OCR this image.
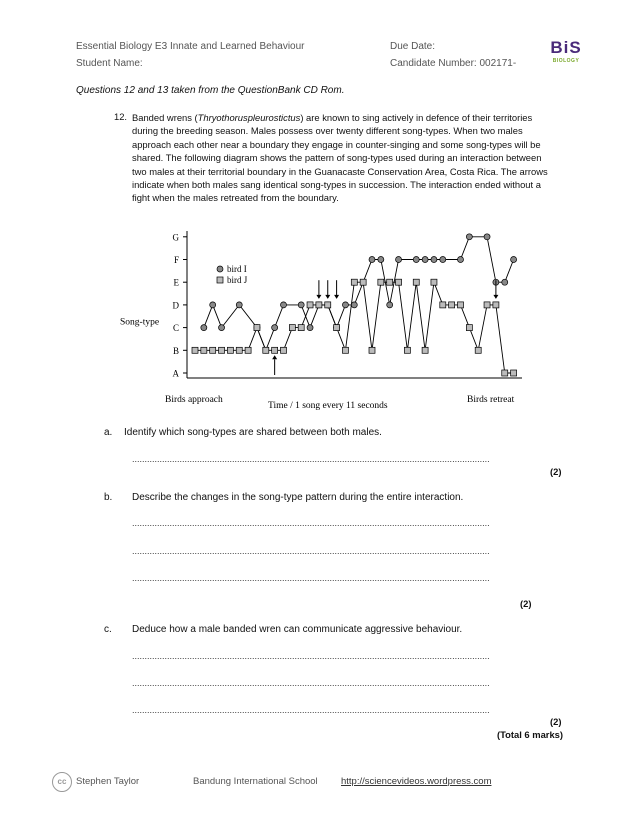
Essential Biology E3 Innate and Learned Behaviour	Due Date:
Student Name:	Candidate Number: 002171-
BiS
BIOLOGY
Questions 12 and 13 taken from the QuestionBank CD Rom.
12. Banded wrens (Thryothoruspleurostictus) are known to sing actively in defence of their territories during the breeding season. Males possess over twenty different song-types. When two males approach each other near a boundary they engage in counter-singing and some song-types will be shared. The following diagram shows the pattern of song-types used during an interaction between two males at their territorial boundary in the Guanacaste Conservation Area, Costa Rica. The arrows indicate when both males sang identical song-types in succession. The interaction ended without a fight when the males retreated from the boundary.
A
B
C
D
E
F
G
Song-type
Birds approach
Time / 1 song every 11 seconds
Birds retreat
bird I
bird J
a. Identify which song-types are shared between both males.
...............................................................................................................................................
(2)
b. Describe the changes in the song-type pattern during the entire interaction.
...............................................................................................................................................
...............................................................................................................................................
...............................................................................................................................................
(2)
c. Deduce how a male banded wren can communicate aggressive behaviour.
...............................................................................................................................................
...............................................................................................................................................
...............................................................................................................................................
(2)
(Total 6 marks)
cc	Stephen Taylor	Bandung International School http://sciencevideos.wordpress.com
